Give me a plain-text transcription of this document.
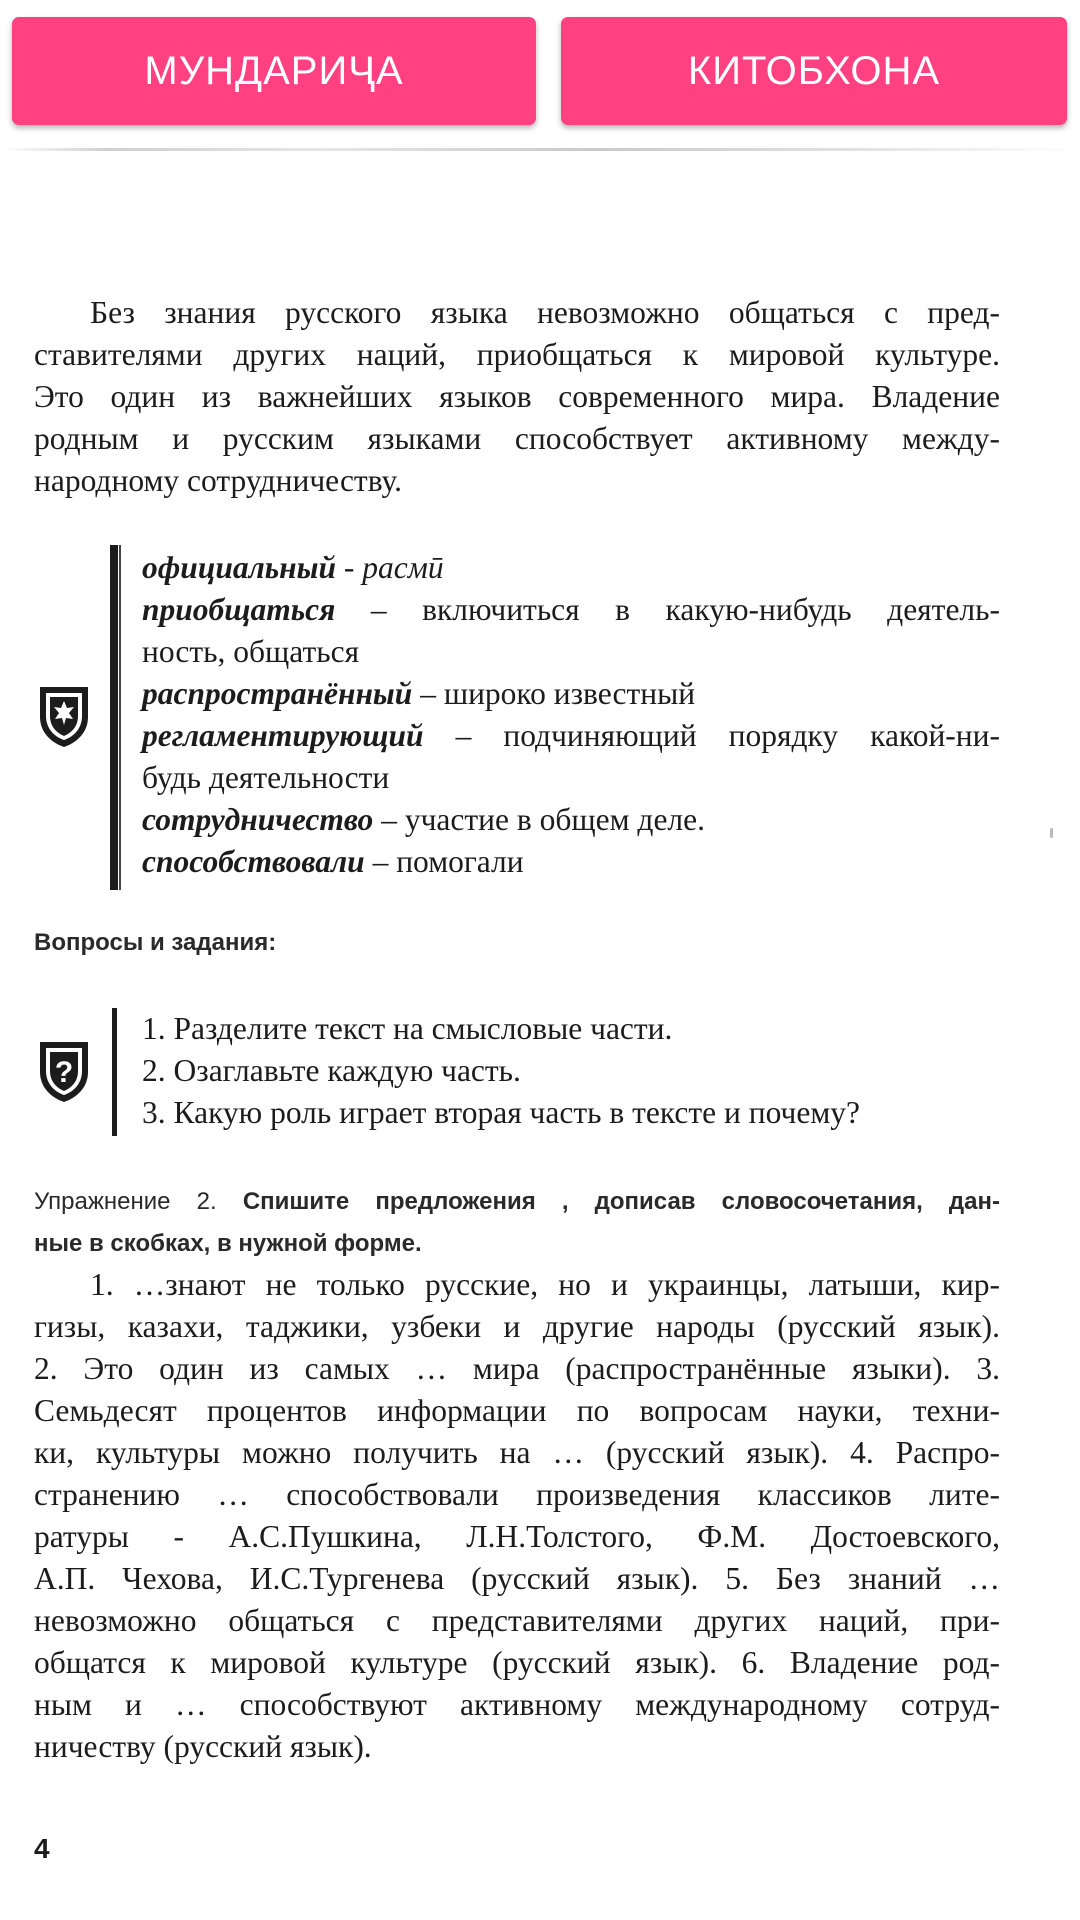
МУНДАРИҶА	КИТОБХОНА
Без знания русского языка невозможно общаться с пред-
ставителями других наций, приобщаться к мировой культуре.
Это один из важнейших языков современного мира. Владение
родным и русским языками способствует активному между-
народному сотрудничеству.
официальный - расмӣ
приобщаться – включиться в какую-нибудь деятель-
ность, общаться
распространённый – широко известный
регламентирующий – подчиняющий порядку какой-ни-
будь деятельности
сотрудничество – участие в общем деле.
способствовали – помогали
Вопросы и задания:
?
1. Разделите текст на смысловые части.
2. Озаглавьте каждую часть.
3. Какую роль играет вторая часть в тексте и почему?
Упражнение 2. Спишите предложения , дописав словосочетания, дан-
ные в скобках, в нужной форме.
1. …знают не только русские, но и украинцы, латыши, кир-
гизы, казахи, таджики, узбеки и другие народы (русский язык).
2. Это один из самых … мира (распространённые языки). 3.
Семьдесят процентов информации по вопросам науки, техни-
ки, культуры можно получить на … (русский язык). 4. Распро-
странению … способствовали произведения классиков лите-
ратуры - А.С.Пушкина, Л.Н.Толстого, Ф.М. Достоевского,
А.П. Чехова, И.С.Тургенева (русский язык). 5. Без знаний …
невозможно общаться с представителями других наций, при-
общатся к мировой культуре (русский язык). 6. Владение род-
ным и … способствуют активному международному сотруд-
ничеству (русский язык).
4
